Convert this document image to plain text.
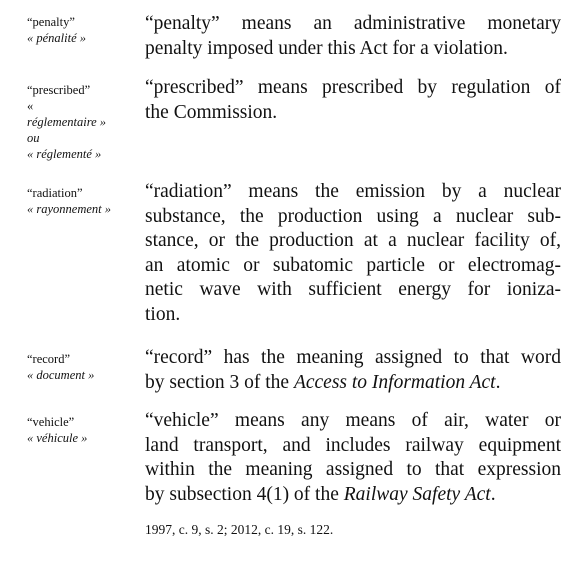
“penalty”
« pénalité »
“penalty” means an administrative monetary
penalty imposed under this Act for a violation.
“prescribed”
«
réglementaire »
ou
« réglementé »
“prescribed” means prescribed by regulation of
the Commission.
“radiation”
« rayonnement »
“radiation” means the emission by a nuclear
substance, the production using a nuclear sub-
stance, or the production at a nuclear facility of,
an atomic or subatomic particle or electromag-
netic wave with sufficient energy for ioniza-
tion.
“record”
« document »
“record” has the meaning assigned to that word
by section 3 of the Access to Information Act.
“vehicle”
« véhicule »
“vehicle” means any means of air, water or
land transport, and includes railway equipment
within the meaning assigned to that expression
by subsection 4(1) of the Railway Safety Act.
1997, c. 9, s. 2; 2012, c. 19, s. 122.
